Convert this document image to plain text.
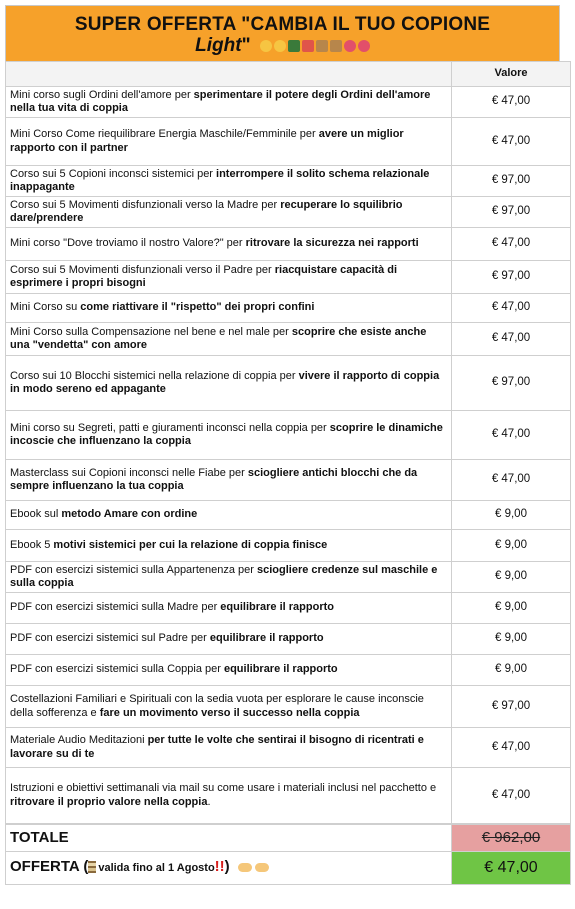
SUPER OFFERTA "CAMBIA IL TUO COPIONE
Light"
	Valore
Mini corso sugli Ordini dell'amore per sperimentare il potere degli Ordini dell'amore nella tua vita di coppia	€ 47,00
Mini Corso Come riequilibrare Energia Maschile/Femminile per avere un miglior rapporto con il partner	€ 47,00
Corso sui 5 Copioni inconsci sistemici per interrompere il solito schema relazionale inappagante	€ 97,00
Corso sui 5 Movimenti disfunzionali verso la Madre per recuperare lo squilibrio dare/prendere	€ 97,00
Mini corso "Dove troviamo il nostro Valore?" per ritrovare la sicurezza nei rapporti	€ 47,00
Corso sui 5 Movimenti disfunzionali verso il Padre per riacquistare capacità di esprimere i propri bisogni	€ 97,00
Mini Corso su come riattivare il "rispetto" dei propri confini	€ 47,00
Mini Corso sulla Compensazione nel bene e nel male per scoprire che esiste anche una "vendetta" con amore	€ 47,00
Corso sui 10 Blocchi sistemici nella relazione di coppia per vivere il rapporto di coppia in modo sereno ed appagante	€ 97,00
Mini corso su Segreti, patti e giuramenti inconsci nella coppia per scoprire le dinamiche incoscie che influenzano la coppia	€ 47,00
Masterclass sui Copioni inconsci nelle Fiabe per sciogliere antichi blocchi che da sempre influenzano la tua coppia	€ 47,00
Ebook sul metodo Amare con ordine	€ 9,00
Ebook 5 motivi sistemici per cui la relazione di coppia finisce	€ 9,00
PDF con esercizi sistemici sulla Appartenenza per sciogliere credenze sul maschile e sulla coppia	€ 9,00
PDF con esercizi sistemici sulla Madre per equilibrare il rapporto	€ 9,00
PDF con esercizi sistemici sul Padre per equilibrare il rapporto	€ 9,00
PDF con esercizi sistemici sulla Coppia per equilibrare il rapporto	€ 9,00
Costellazioni Familiari e Spirituali con la sedia vuota per esplorare le cause inconscie della sofferenza e fare un movimento verso il successo nella coppia	€ 97,00
Materiale Audio Meditazioni per tutte le volte che sentirai il bisogno di ricentrati e lavorare su di te	€ 47,00
Istruzioni e obiettivi settimanali via mail su come usare i materiali inclusi nel pacchetto e ritrovare il proprio valore nella coppia.	€ 47,00
TOTALE	€ 962,00
OFFERTA ( valida fino al 1 Agosto!!)	€ 47,00
